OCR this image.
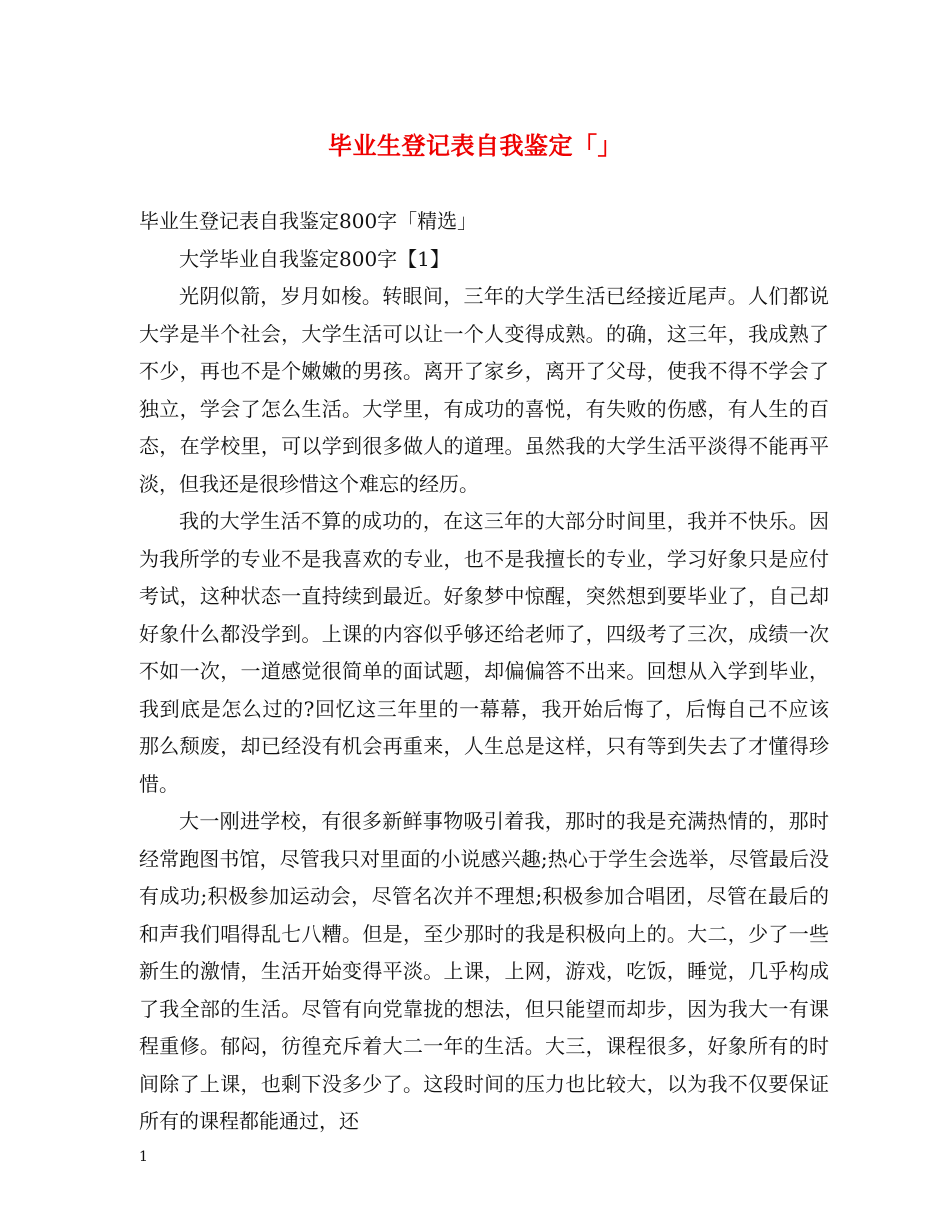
毕业生登记表自我鉴定「」

毕业生登记表自我鉴定800字「精选」

大学毕业自我鉴定800字【1】

光阴似箭，岁月如梭。转眼间，三年的大学生活已经接近尾声。人们都说大学是半个社会，大学生活可以让一个人变得成熟。的确，这三年，我成熟了不少，再也不是个嫩嫩的男孩。离开了家乡，离开了父母，使我不得不学会了独立，学会了怎么生活。大学里，有成功的喜悦，有失败的伤感，有人生的百态，在学校里，可以学到很多做人的道理。虽然我的大学生活平淡得不能再平淡，但我还是很珍惜这个难忘的经历。

我的大学生活不算的成功的，在这三年的大部分时间里，我并不快乐。因为我所学的专业不是我喜欢的专业，也不是我擅长的专业，学习好象只是应付考试，这种状态一直持续到最近。好象梦中惊醒，突然想到要毕业了，自己却好象什么都没学到。上课的内容似乎够还给老师了，四级考了三次，成绩一次不如一次，一道感觉很简单的面试题，却偏偏答不出来。回想从入学到毕业，我到底是怎么过的?回忆这三年里的一幕幕，我开始后悔了，后悔自己不应该那么颓废，却已经没有机会再重来，人生总是这样，只有等到失去了才懂得珍惜。

大一刚进学校，有很多新鲜事物吸引着我，那时的我是充满热情的，那时经常跑图书馆，尽管我只对里面的小说感兴趣;热心于学生会选举，尽管最后没有成功;积极参加运动会，尽管名次并不理想;积极参加合唱团，尽管在最后的和声我们唱得乱七八糟。但是，至少那时的我是积极向上的。大二，少了一些新生的激情，生活开始变得平淡。上课，上网，游戏，吃饭，睡觉，几乎构成了我全部的生活。尽管有向党靠拢的想法，但只能望而却步，因为我大一有课程重修。郁闷，彷徨充斥着大二一年的生活。大三，课程很多，好象所有的时间除了上课，也剩下没多少了。这段时间的压力也比较大，以为我不仅要保证所有的课程都能通过，还

1
